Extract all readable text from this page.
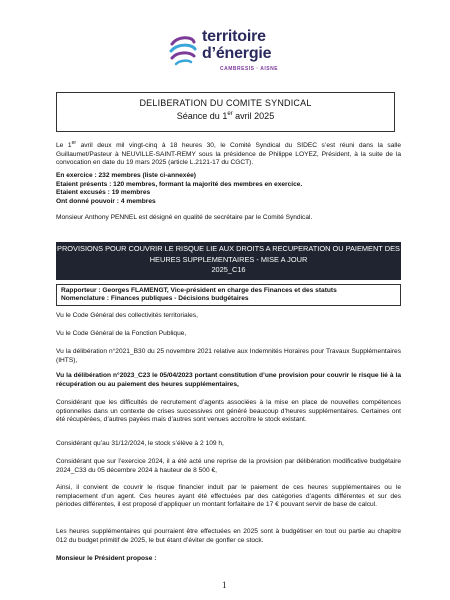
territoire
d’énergie
CAMBRESIS · AISNE
DELIBERATION DU COMITE SYNDICAL
Séance du 1er avril 2025
Le 1er avril deux mil vingt-cinq à 18 heures 30, le Comité Syndical du SIDEC s’est réuni dans la salle Guillaumet/Pasteur à NEUVILLE-SAINT-REMY sous la présidence de Philippe LOYEZ, Président, à la suite de la convocation en date du 19 mars 2025 (article L.2121-17 du CGCT).
En exercice : 232 membres (liste ci-annexée)
Etaient présents : 120 membres, formant la majorité des membres en exercice.
Etaient excusés : 19 membres
Ont donné pouvoir : 4 membres
Monsieur Anthony PENNEL est désigné en qualité de secrétaire par le Comité Syndical.
PROVISIONS POUR COUVRIR LE RISQUE LIE AUX DROITS A RECUPERATION OU PAIEMENT DES
HEURES SUPPLEMENTAIRES - MISE A JOUR
2025_C16
Rapporteur : Georges FLAMENGT, Vice-président en charge des Finances et des statuts
Nomenclature : Finances publiques - Décisions budgétaires
Vu le Code Général des collectivités territoriales,
Vu le Code Général de la Fonction Publique,
Vu la délibération n°2021_B30 du 25 novembre 2021 relative aux Indemnités Horaires pour Travaux Supplémentaires (IHTS),
Vu la délibération n°2023_C23 le 05/04/2023 portant constitution d’une provision pour couvrir le risque lié à la récupération ou au paiement des heures supplémentaires,
Considérant que les difficultés de recrutement d’agents associées à la mise en place de nouvelles compétences optionnelles dans un contexte de crises successives ont généré beaucoup d’heures supplémentaires. Certaines ont été récupérées, d’autres payées mais d’autres sont venues accroître le stock existant.
Considérant qu’au 31/12/2024, le stock s’élève à 2 109 h,
Considérant que sur l’exercice 2024, il a été acté une reprise de la provision par délibération modificative budgétaire 2024_C33 du 05 décembre 2024 à hauteur de 8 500 €,
Ainsi, il convient de couvrir le risque financier induit par le paiement de ces heures supplémentaires ou le remplacement d’un agent. Ces heures ayant été effectuées par des catégories d’agents différentes et sur des périodes différentes, il est proposé d’appliquer un montant forfaitaire de 17 € pouvant servir de base de calcul.
Les heures supplémentaires qui pourraient être effectuées en 2025 sont à budgétiser en tout ou partie au chapitre 012 du budget primitif de 2025, le but étant d’éviter de gonfler ce stock.
Monsieur le Président propose :
1
